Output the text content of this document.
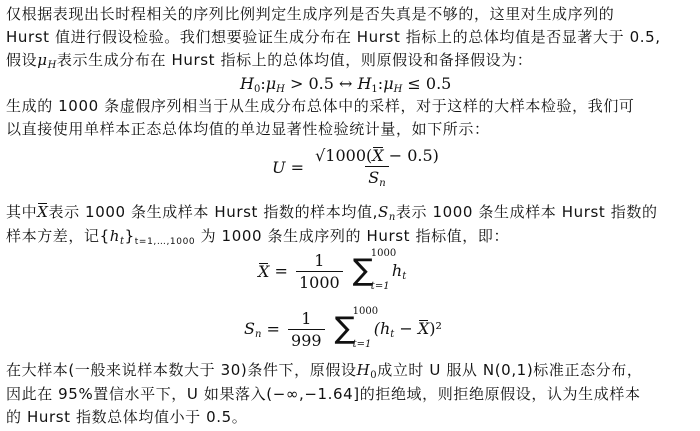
仅根据表现出长时程相关的序列比例判定生成序列是否失真是不够的，这里对生成序列的
Hurst 值进行假设检验。我们想要验证生成分布在 Hurst 指标上的总体均值是否显著大于 0.5,
假设$\mu_H$表示生成分布在 Hurst 指标上的总体均值，则原假设和备择假设为：
$H_0:\mu_H > 0.5$ ↔ $H_1:\mu_H \le 0.5$
生成的 1000 条虚假序列相当于从生成分布总体中的采样，对于这样的大样本检验，我们可
以直接使用单样本正态总体均值的单边显著性检验统计量，如下所示：
$U = \frac{√1000(X - 0.5)}{S_n}$
其中X表示 1000 条生成样本 Hurst 指数的样本均值$,S_n$表示 1000 条生成样本 Hurst 指数的
样本方差，记$\{h_t\}_{t=1,\dots,1000}$ 为 1000 条生成序列的 Hurst 指标值，即：
$X = \frac{1}{1000}$
∑
1000
t=1
$h_t$
$S_n = \frac{1}{999}$
∑
1000
t=1
$(h_t - X)^2$
在大样本(一般来说样本数大于 30)条件下，原假设$H_0$成立时 U 服从 N(0,1)标准正态分布，
因此在 95%置信水平下，U 如果落入(−∞,−1.64]的拒绝域，则拒绝原假设，认为生成样本
的 Hurst 指数总体均值小于 0.5。
